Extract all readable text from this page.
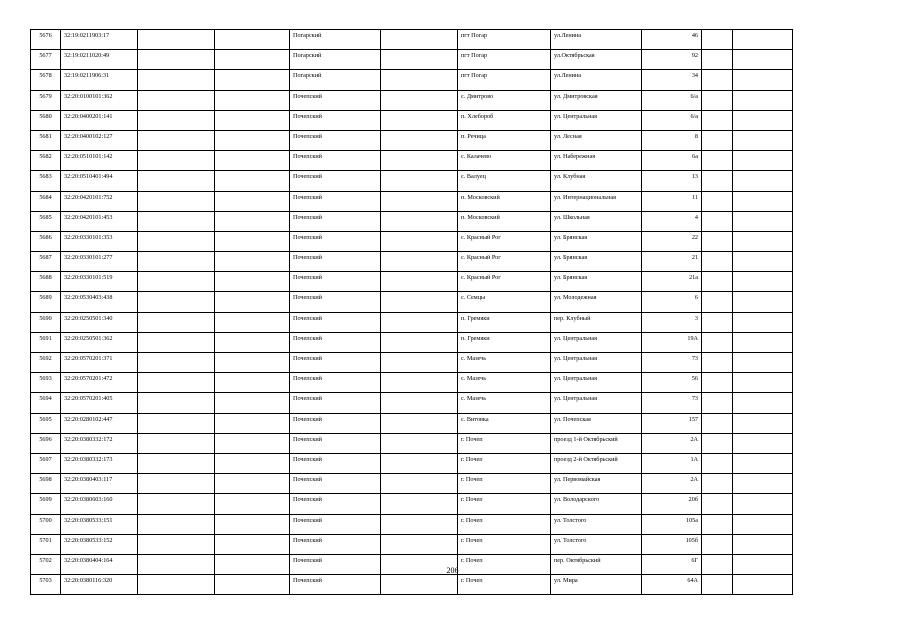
5676	32:19:0211903:17			Погарский		пгт Погар	ул.Ленина	46		
5677	32:19:0211020:49			Погарский		пгт Погар	ул.Октябрьская	92		
5678	32:19:0211906:31			Погарский		пгт Погар	ул.Ленина	34		
5679	32:20:0100101:362			Почепский		с. Дмитрово	ул. Дмитровская	6/а		
5680	32:20:0400201:141			Почепский		п. Хлебороб	ул. Центральная	6/а		
5681	32:20:0400102:127			Почепский		п. Речица	ул. Лесная	8		
5682	32:20:0510101:142			Почепский		с. Калачево	ул. Набережная	6а		
5683	32:20:0510401:494			Почепский		с. Валуец	ул. Клубная	13		
5684	32:20:0420101:752			Почепский		п. Московский	ул. Интернациональная	11		
5685	32:20:0420101:453			Почепский		п. Московский	ул. Школьная	4		
5686	32:20:0330101:353			Почепский		с. Красный Рог	ул. Брянская	22		
5687	32:20:0330101:277			Почепский		с. Красный Рог	ул. Брянская	21		
5688	32:20:0330101:519			Почепский		с. Красный Рог	ул. Брянская	21а		
5689	32:20:0530403:438			Почепский		с. Семцы	ул. Молодежная	6		
5690	32:20:0250501:340			Почепский		п. Гремяки	пер. Клубный	3		
5691	32:20:0250501:362			Почепский		п. Гремяки	ул. Центральная	19А		
5692	32:20:0570201:371			Почепский		с. Мазечь	ул. Центральная	73		
5693	32:20:0570201:472			Почепский		с. Мазечь	ул. Центральная	56		
5694	32:20:0570201:405			Почепский		с. Мазечь	ул. Центральная	73		
5695	32:20:0280102:447			Почепский		с. Витовка	ул. Почепская	157		
5696	32:20:0380332:172			Почепский		г. Почеп	проезд 1-й Октябрьский	2А		
5697	32:20:0380332:173			Почепский		г. Почеп	проезд 2-й Октябрьский	1А		
5698	32:20:0380403:117			Почепский		г. Почеп	ул. Первомайская	2А		
5699	32:20:0380603:160			Почепский		г. Почеп	ул. Володарского	20б		
5700	32:20:0380533:151			Почепский		г. Почеп	ул. Толстого	105а		
5701	32:20:0380533:152			Почепский		г. Почеп	ул. Толстого	105б		
5702	32:20:0380404:164			Почепский		г. Почеп	пер. Октябрьский	6Г		
5703	32:20:0380116:320			Почепский		г. Почеп	ул. Мира	64А		
206
